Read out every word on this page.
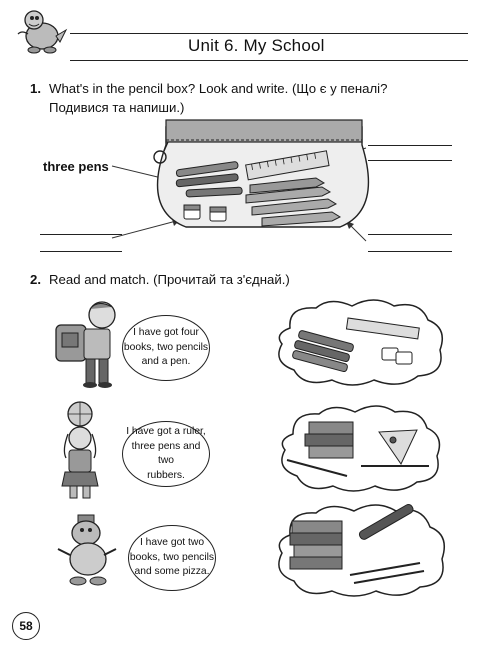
Unit 6. My School
1. What's in the pencil box? Look and write. (Що є у пеналі?
Подивися та напиши.)
three pens
2. Read and match. (Прочитай та з'єднай.)
I have got four
books, two pencils
and a pen.
I have got a ruler,
three pens and two
rubbers.
I have got two
books, two pencils
and some pizza.
58
